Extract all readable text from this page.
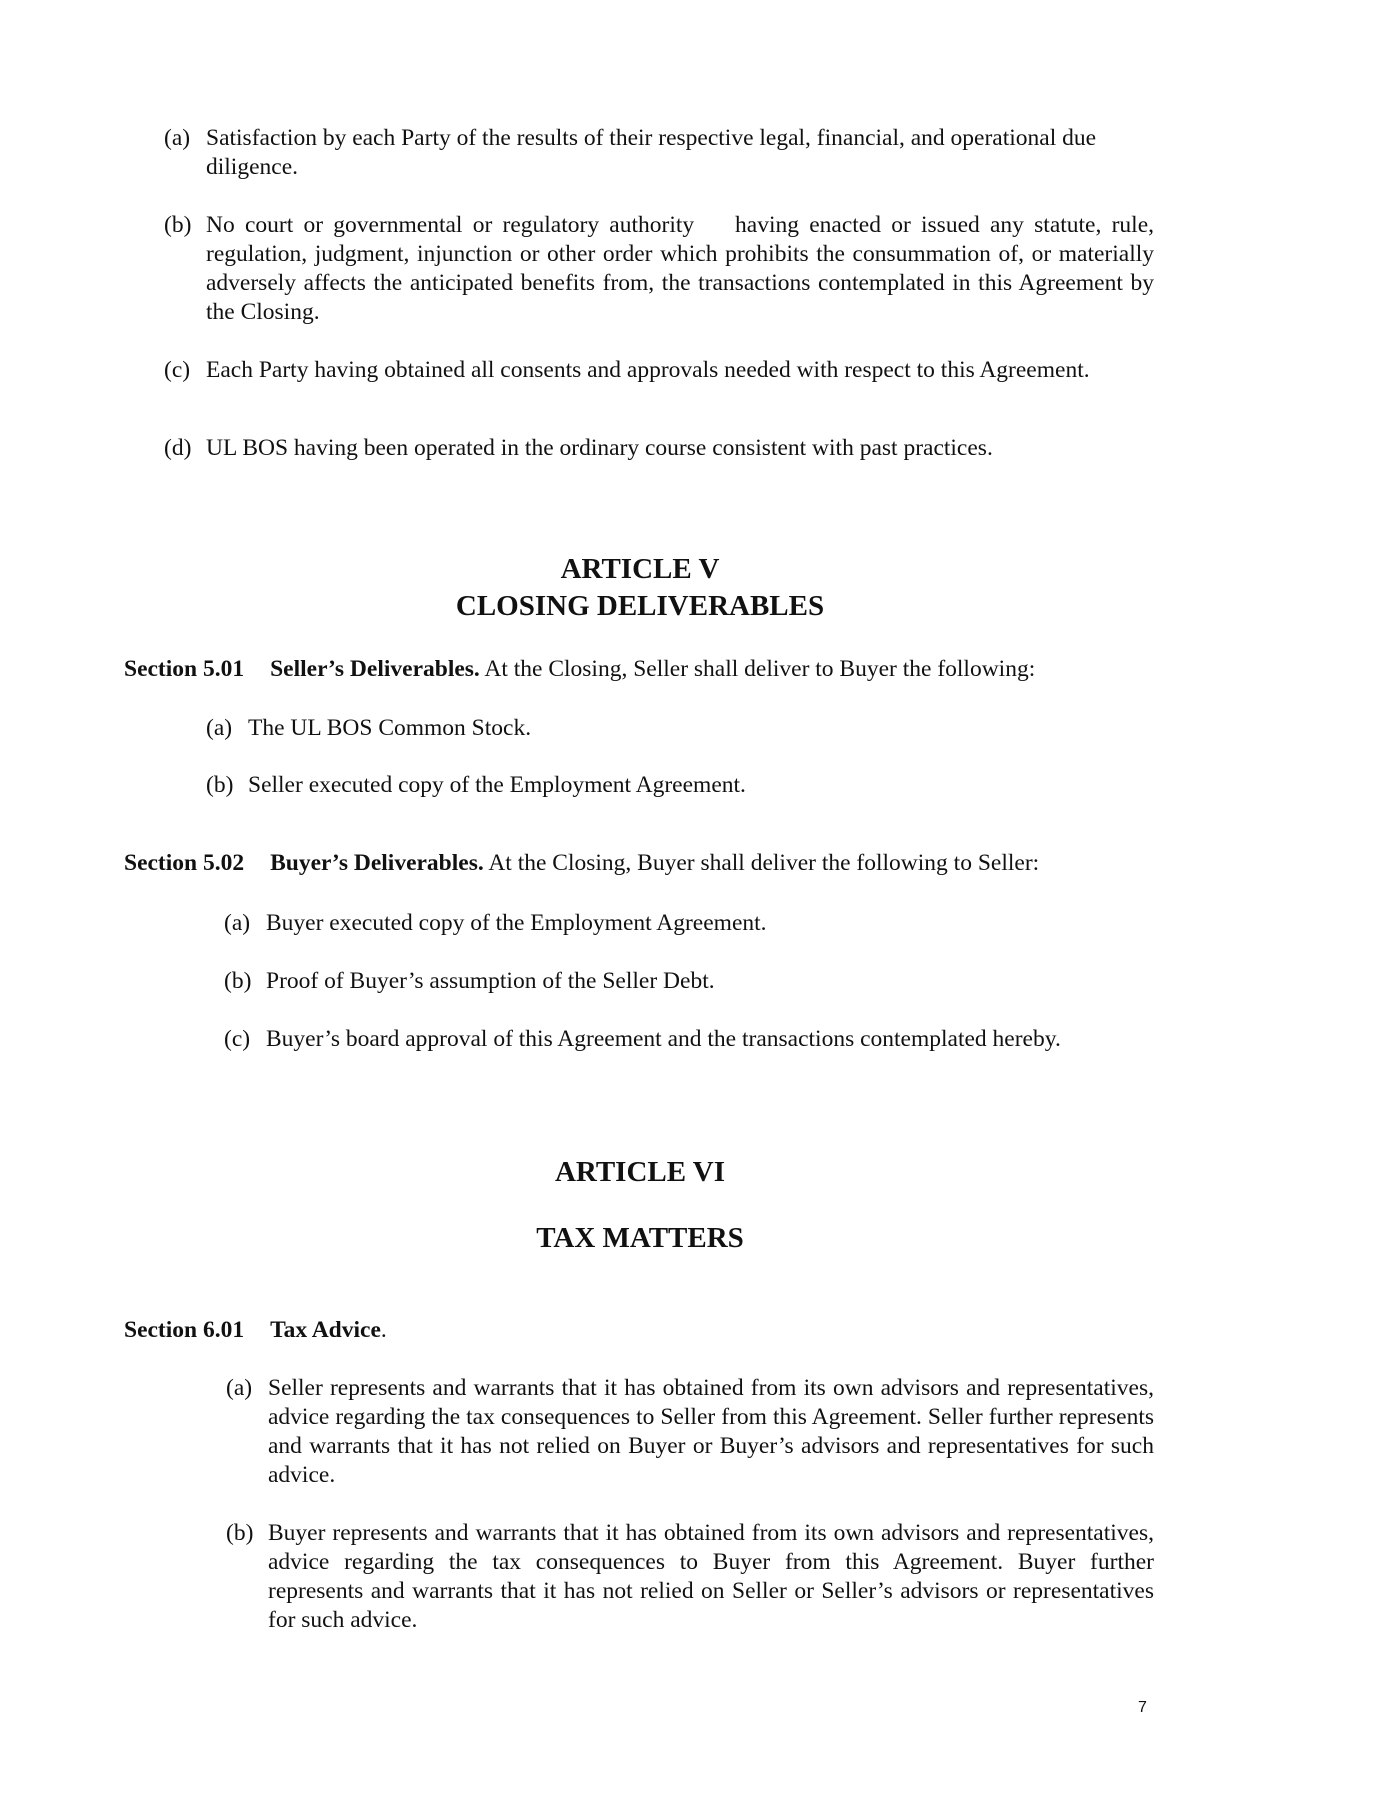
(a) Satisfaction by each Party of the results of their respective legal, financial, and operational due diligence.
(b) No court or governmental or regulatory authority    having enacted or issued any statute, rule, regulation, judgment, injunction or other order which prohibits the consummation of, or materially adversely affects the anticipated benefits from, the transactions contemplated in this Agreement by the Closing.
(c) Each Party having obtained all consents and approvals needed with respect to this Agreement.
(d) UL BOS having been operated in the ordinary course consistent with past practices.
ARTICLE V
CLOSING DELIVERABLES
Section 5.01 Seller’s Deliverables. At the Closing, Seller shall deliver to Buyer the following:
(a) The UL BOS Common Stock.
(b) Seller executed copy of the Employment Agreement.
Section 5.02 Buyer’s Deliverables. At the Closing, Buyer shall deliver the following to Seller:
(a) Buyer executed copy of the Employment Agreement.
(b) Proof of Buyer’s assumption of the Seller Debt.
(c) Buyer’s board approval of this Agreement and the transactions contemplated hereby.
ARTICLE VI
TAX MATTERS
Section 6.01 Tax Advice.
(a) Seller represents and warrants that it has obtained from its own advisors and representatives, advice regarding the tax consequences to Seller from this Agreement. Seller further represents and warrants that it has not relied on Buyer or Buyer’s advisors and representatives for such advice.
(b) Buyer represents and warrants that it has obtained from its own advisors and representatives, advice regarding the tax consequences to Buyer from this Agreement. Buyer further represents and warrants that it has not relied on Seller or Seller’s advisors or representatives for such advice.
7
